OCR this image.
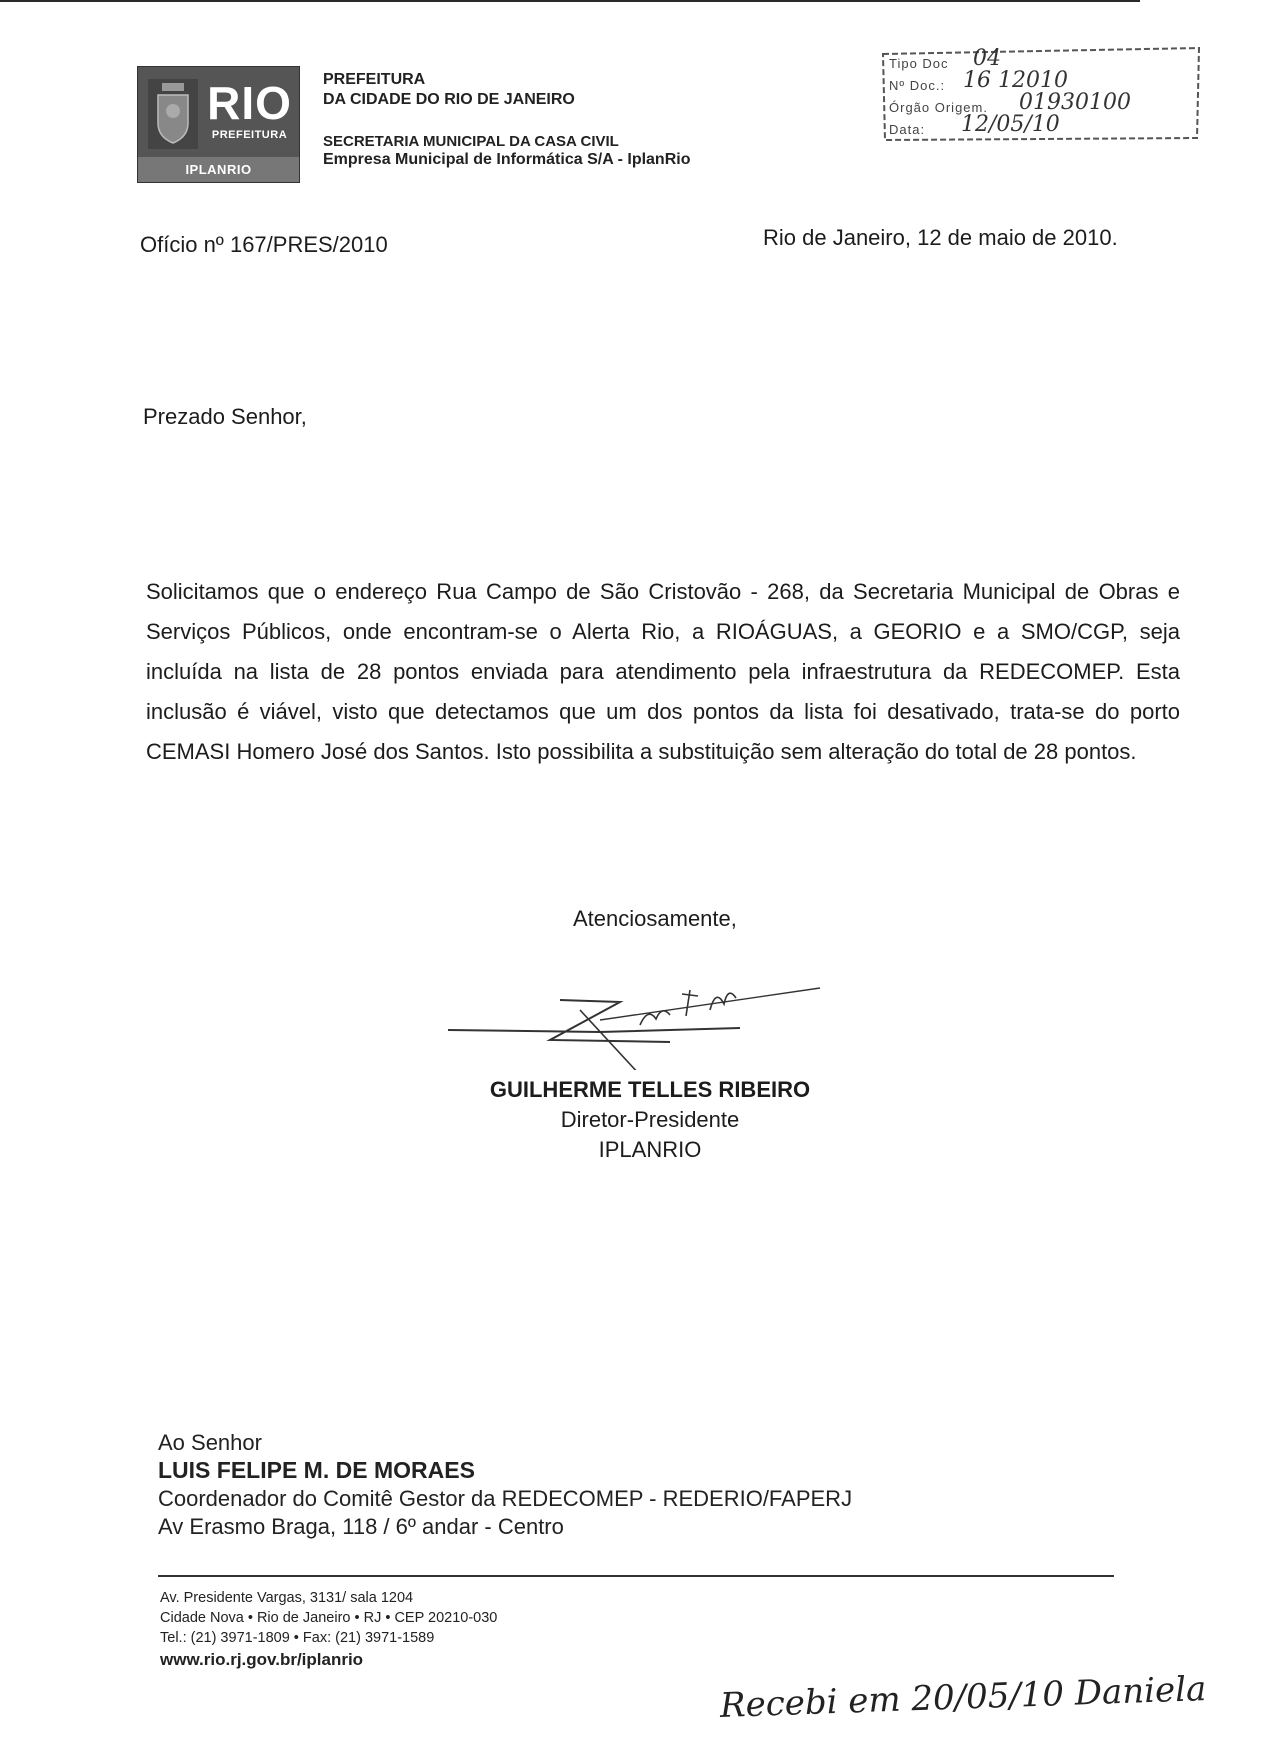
RIO
PREFEITURA
IPLANRIO
PREFEITURA
DA CIDADE DO RIO DE JANEIRO
SECRETARIA MUNICIPAL DA CASA CIVIL
Empresa Municipal de Informática S/A - IplanRio
Tipo Doc 04
Nº Doc.: 16 12010
Órgão Origem. 01930100
Data: 12/05/10
Ofício nº 167/PRES/2010	Rio de Janeiro, 12 de maio de 2010.
Prezado Senhor,
Solicitamos que o endereço Rua Campo de São Cristovão - 268, da Secretaria Municipal de Obras e Serviços Públicos, onde encontram-se o Alerta Rio, a RIOÁGUAS, a GEORIO e a SMO/CGP, seja incluída na lista de 28 pontos enviada para atendimento pela infraestrutura da REDECOMEP. Esta inclusão é viável, visto que detectamos que um dos pontos da lista foi desativado, trata-se do porto CEMASI Homero José dos Santos. Isto possibilita a substituição sem alteração do total de 28 pontos.
Atenciosamente,
GUILHERME TELLES RIBEIRO
Diretor-Presidente
IPLANRIO
Ao Senhor
LUIS FELIPE M. DE MORAES
Coordenador do Comitê Gestor da REDECOMEP - REDERIO/FAPERJ
Av Erasmo Braga, 118 / 6º andar - Centro
Av. Presidente Vargas, 3131/ sala 1204
Cidade Nova • Rio de Janeiro • RJ • CEP 20210-030
Tel.: (21) 3971-1809 • Fax: (21) 3971-1589
www.rio.rj.gov.br/iplanrio
Recebi em 20/05/10 Daniela
